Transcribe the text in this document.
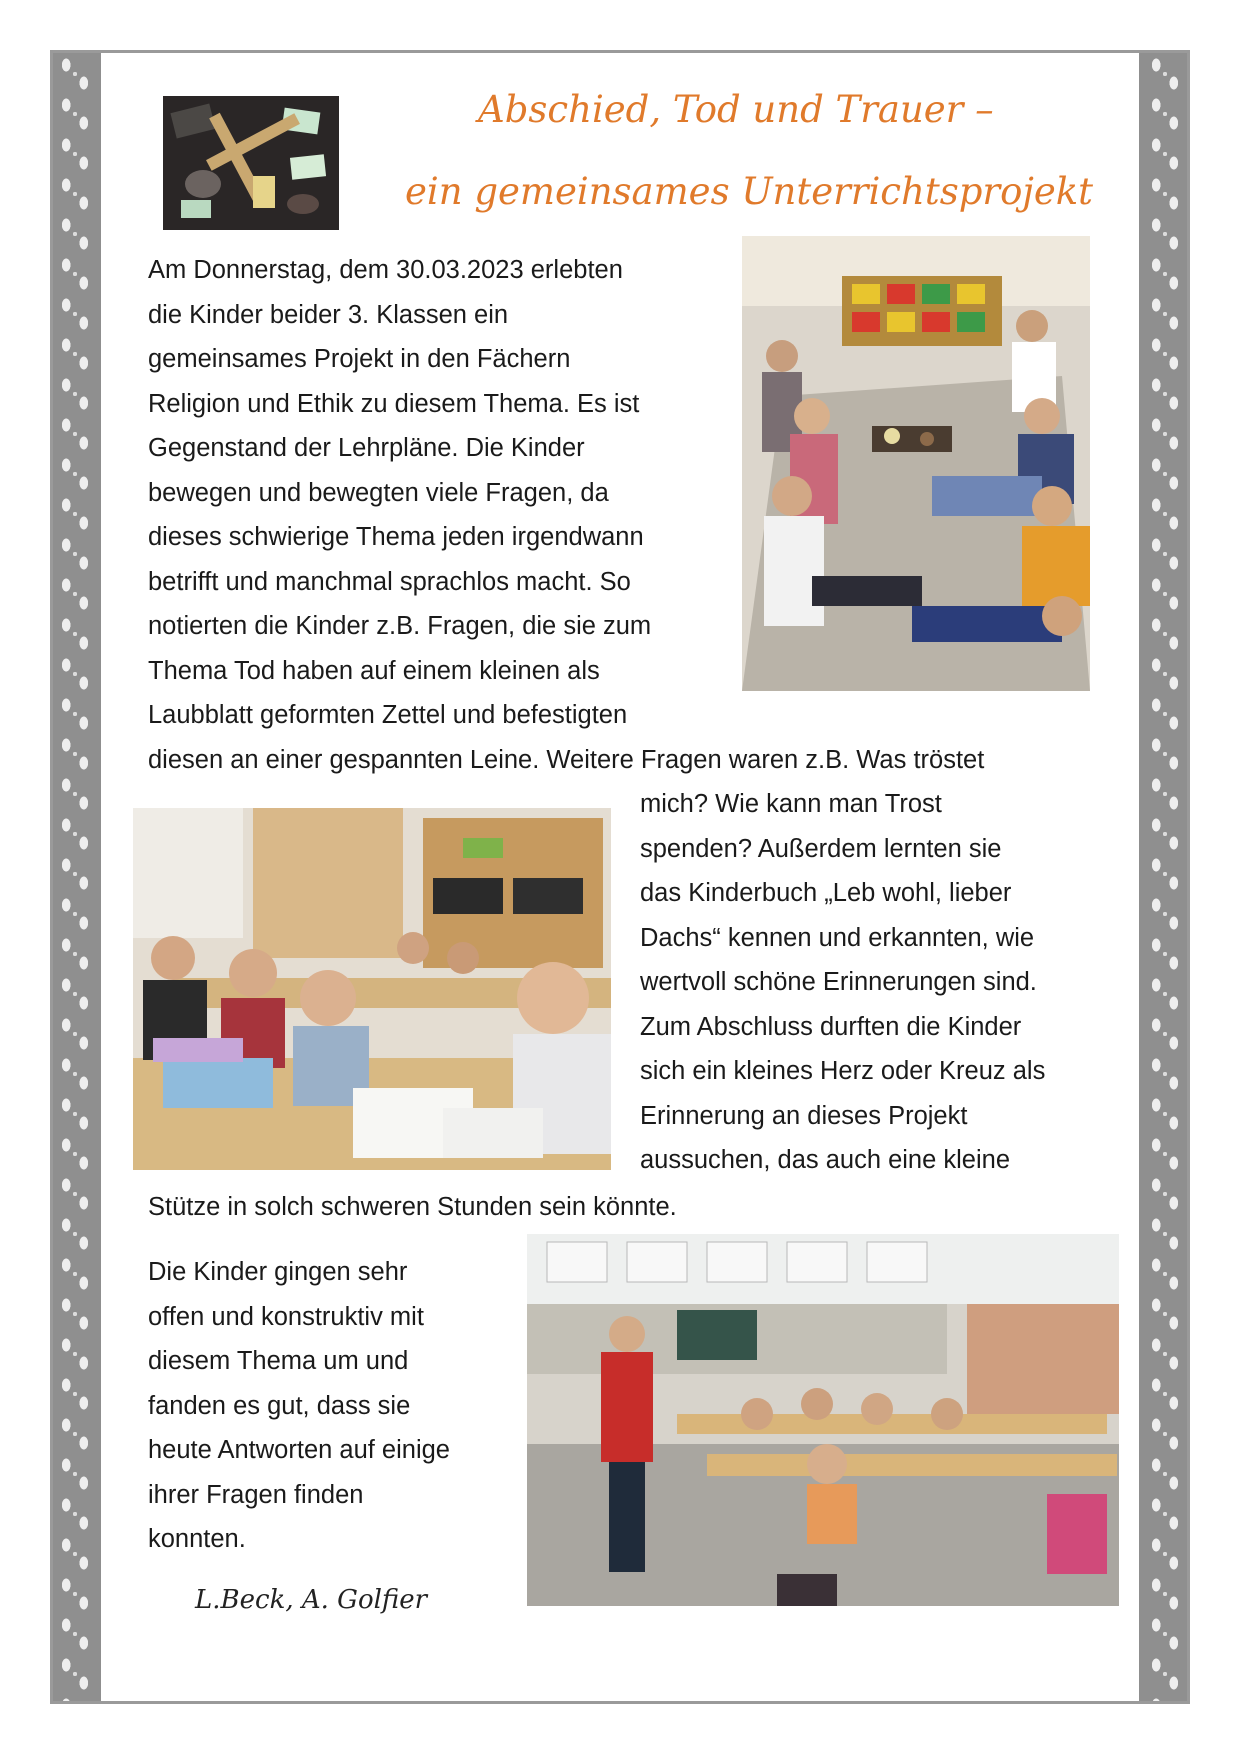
Abschied, Tod und Trauer –
ein gemeinsames Unterrichtsprojekt
Am Donnerstag, dem 30.03.2023 erlebten
die Kinder beider 3. Klassen ein
gemeinsames Projekt in den Fächern
Religion und Ethik zu diesem Thema. Es ist
Gegenstand der Lehrpläne. Die Kinder
bewegen und bewegten viele Fragen, da
dieses schwierige Thema jeden irgendwann
betrifft und manchmal sprachlos macht. So
notierten die Kinder z.B. Fragen, die sie zum
Thema Tod haben auf einem kleinen als
Laubblatt geformten Zettel und befestigten
diesen an einer gespannten Leine. Weitere Fragen waren z.B. Was tröstet
mich? Wie kann man Trost
spenden? Außerdem lernten sie
das Kinderbuch „Leb wohl, lieber
Dachs“ kennen und erkannten, wie
wertvoll schöne Erinnerungen sind.
Zum Abschluss durften die Kinder
sich ein kleines Herz oder Kreuz als
Erinnerung an dieses Projekt
aussuchen, das auch eine kleine
Stütze in solch schweren Stunden sein könnte.
Die Kinder gingen sehr
offen und konstruktiv mit
diesem Thema um und
fanden es gut, dass sie
heute Antworten auf einige
ihrer Fragen finden
konnten.
L.Beck, A. Golfier
